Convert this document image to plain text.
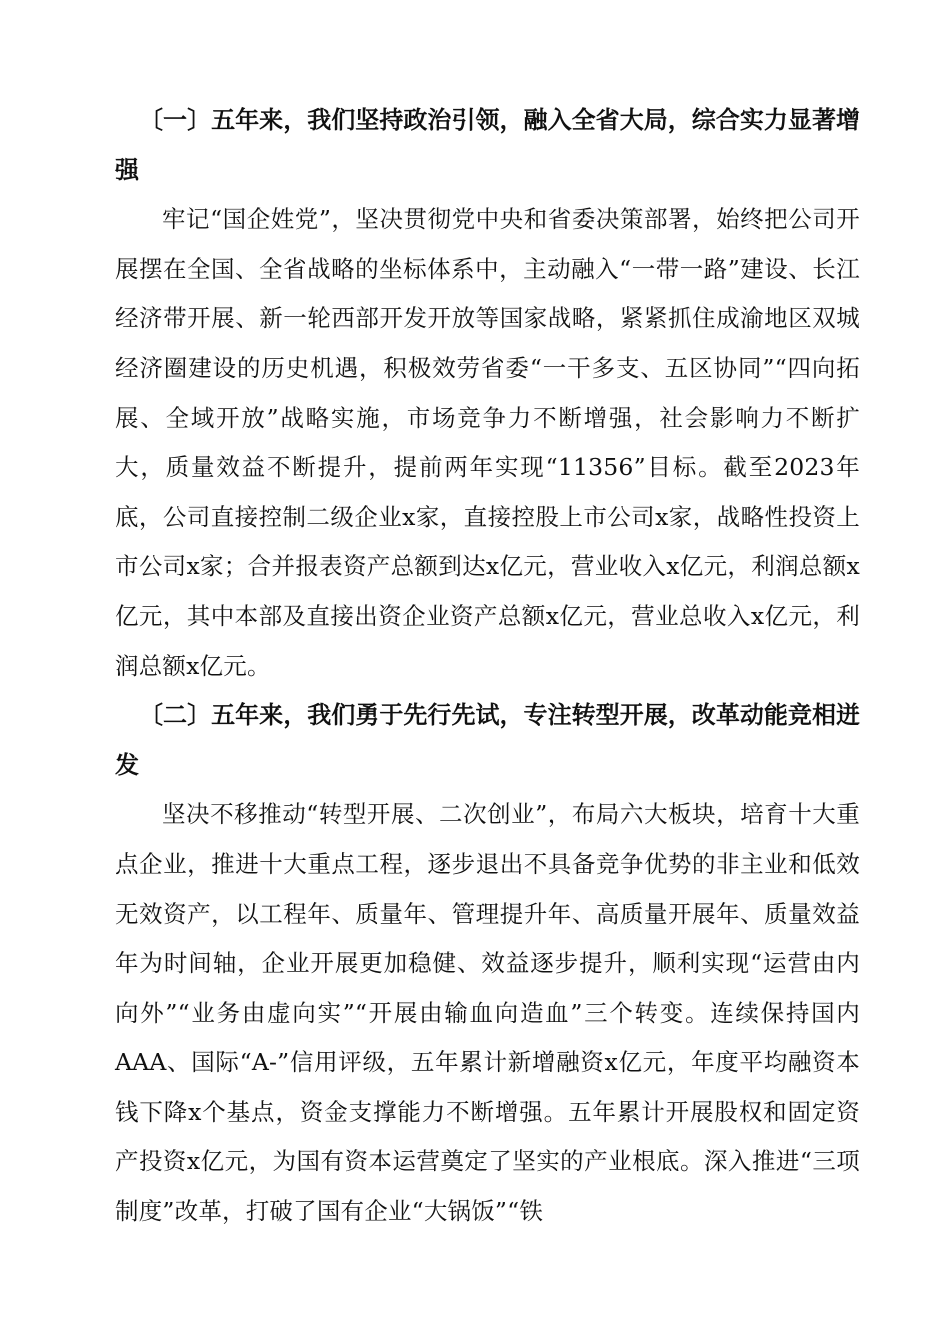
〔一〕五年来，我们坚持政治引领，融入全省大局，综合实力显著增强

牢记“国企姓党”，坚决贯彻党中央和省委决策部署，始终把公司开展摆在全国、全省战略的坐标体系中，主动融入“一带一路”建设、长江经济带开展、新一轮西部开发开放等国家战略，紧紧抓住成渝地区双城经济圈建设的历史机遇，积极效劳省委“一干多支、五区协同”“四向拓展、全域开放”战略实施，市场竞争力不断增强，社会影响力不断扩大，质量效益不断提升，提前两年实现“11356”目标。截至2023年底，公司直接控制二级企业x家，直接控股上市公司x家，战略性投资上市公司x家；合并报表资产总额到达x亿元，营业收入x亿元，利润总额x亿元，其中本部及直接出资企业资产总额x亿元，营业总收入x亿元，利润总额x亿元。

〔二〕五年来，我们勇于先行先试，专注转型开展，改革动能竞相迸发

坚决不移推动“转型开展、二次创业”，布局六大板块，培育十大重点企业，推进十大重点工程，逐步退出不具备竞争优势的非主业和低效无效资产，以工程年、质量年、管理提升年、高质量开展年、质量效益年为时间轴，企业开展更加稳健、效益逐步提升，顺利实现“运营由内向外”“业务由虚向实”“开展由输血向造血”三个转变。连续保持国内AAA、国际“A-”信用评级，五年累计新增融资x亿元，年度平均融资本钱下降x个基点，资金支撑能力不断增强。五年累计开展股权和固定资产投资x亿元，为国有资本运营奠定了坚实的产业根底。深入推进“三项制度”改革，打破了国有企业“大锅饭”“铁
